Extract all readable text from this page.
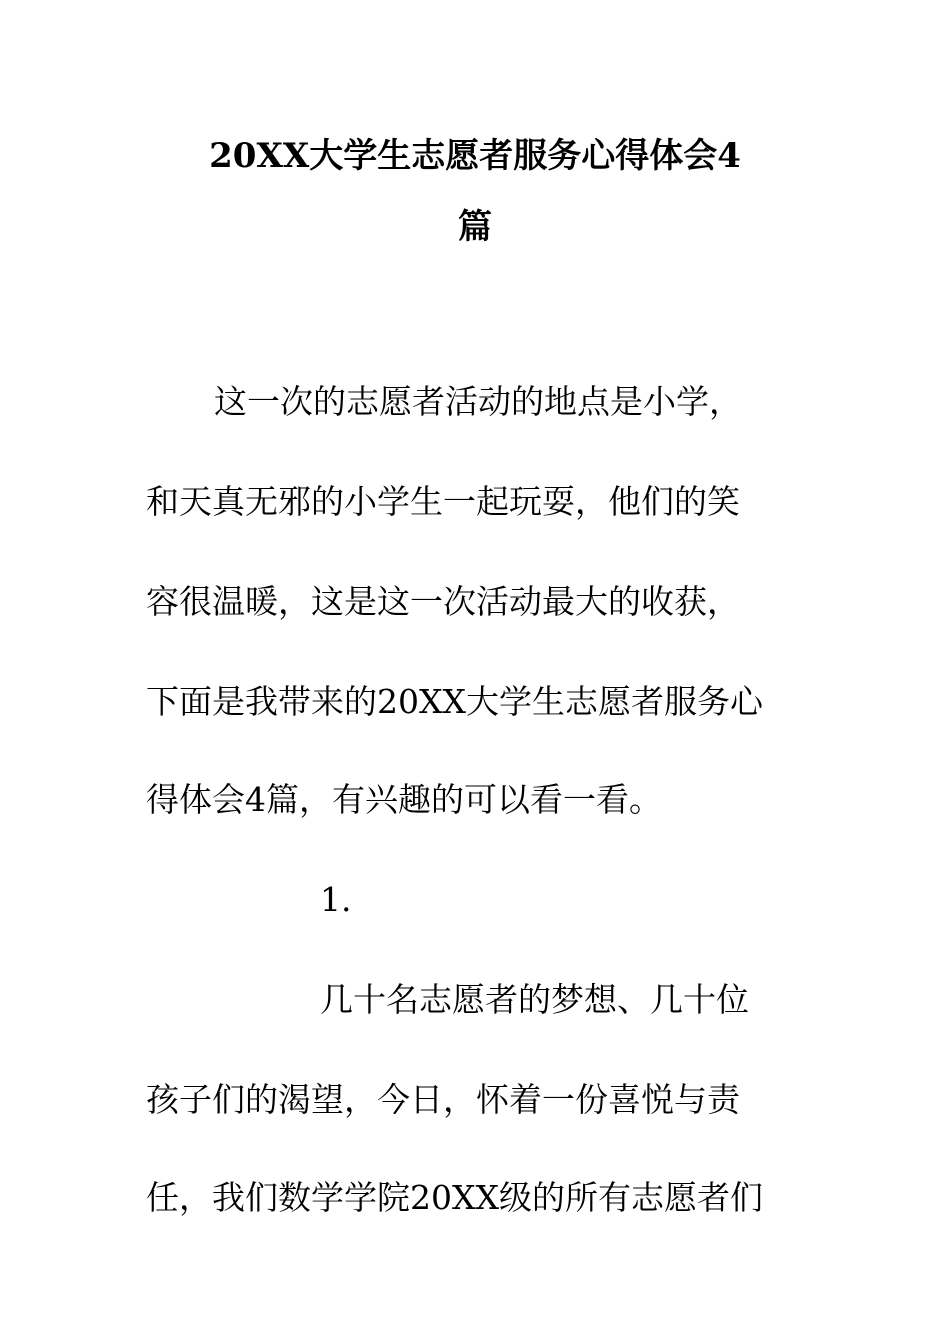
20XX大学生志愿者服务心得体会4
篇
这一次的志愿者活动的地点是小学，
和天真无邪的小学生一起玩耍，他们的笑
容很温暖，这是这一次活动最大的收获，
下面是我带来的20XX大学生志愿者服务心
得体会4篇，有兴趣的可以看一看。
1.
几十名志愿者的梦想、几十位
孩子们的渴望，今日，怀着一份喜悦与责
任，我们数学学院20XX级的所有志愿者们
